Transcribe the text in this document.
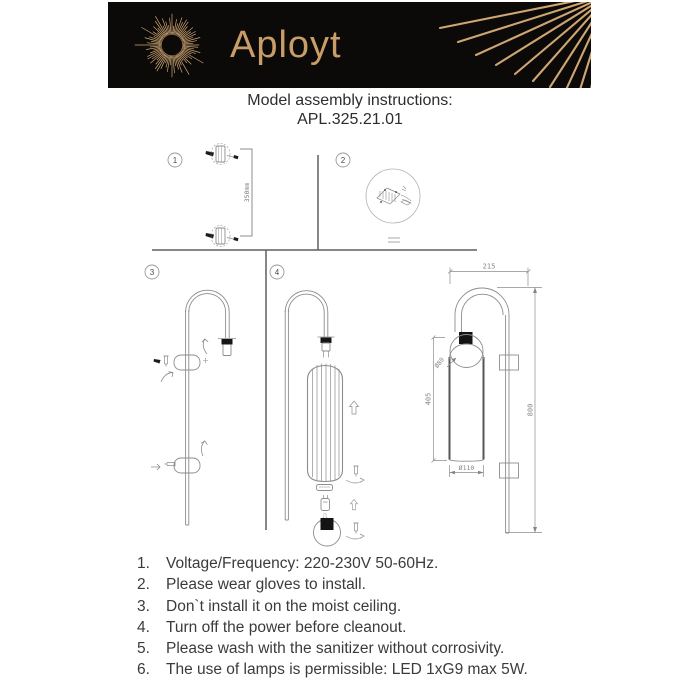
Aployt
Model assembly instructions:
APL.325.21.01
1	2
3	4
350mm
215
800
405
Ø80
Ø110
1.	Voltage/Frequency: 220-230V 50-60Hz.
2.	Please wear gloves to install.
3.	Don`t install it on the moist ceiling.
4.	Turn off the power before cleanout.
5.	Please wash with the sanitizer without corrosivity.
6.	The use of lamps is permissible: LED 1xG9 max 5W.
